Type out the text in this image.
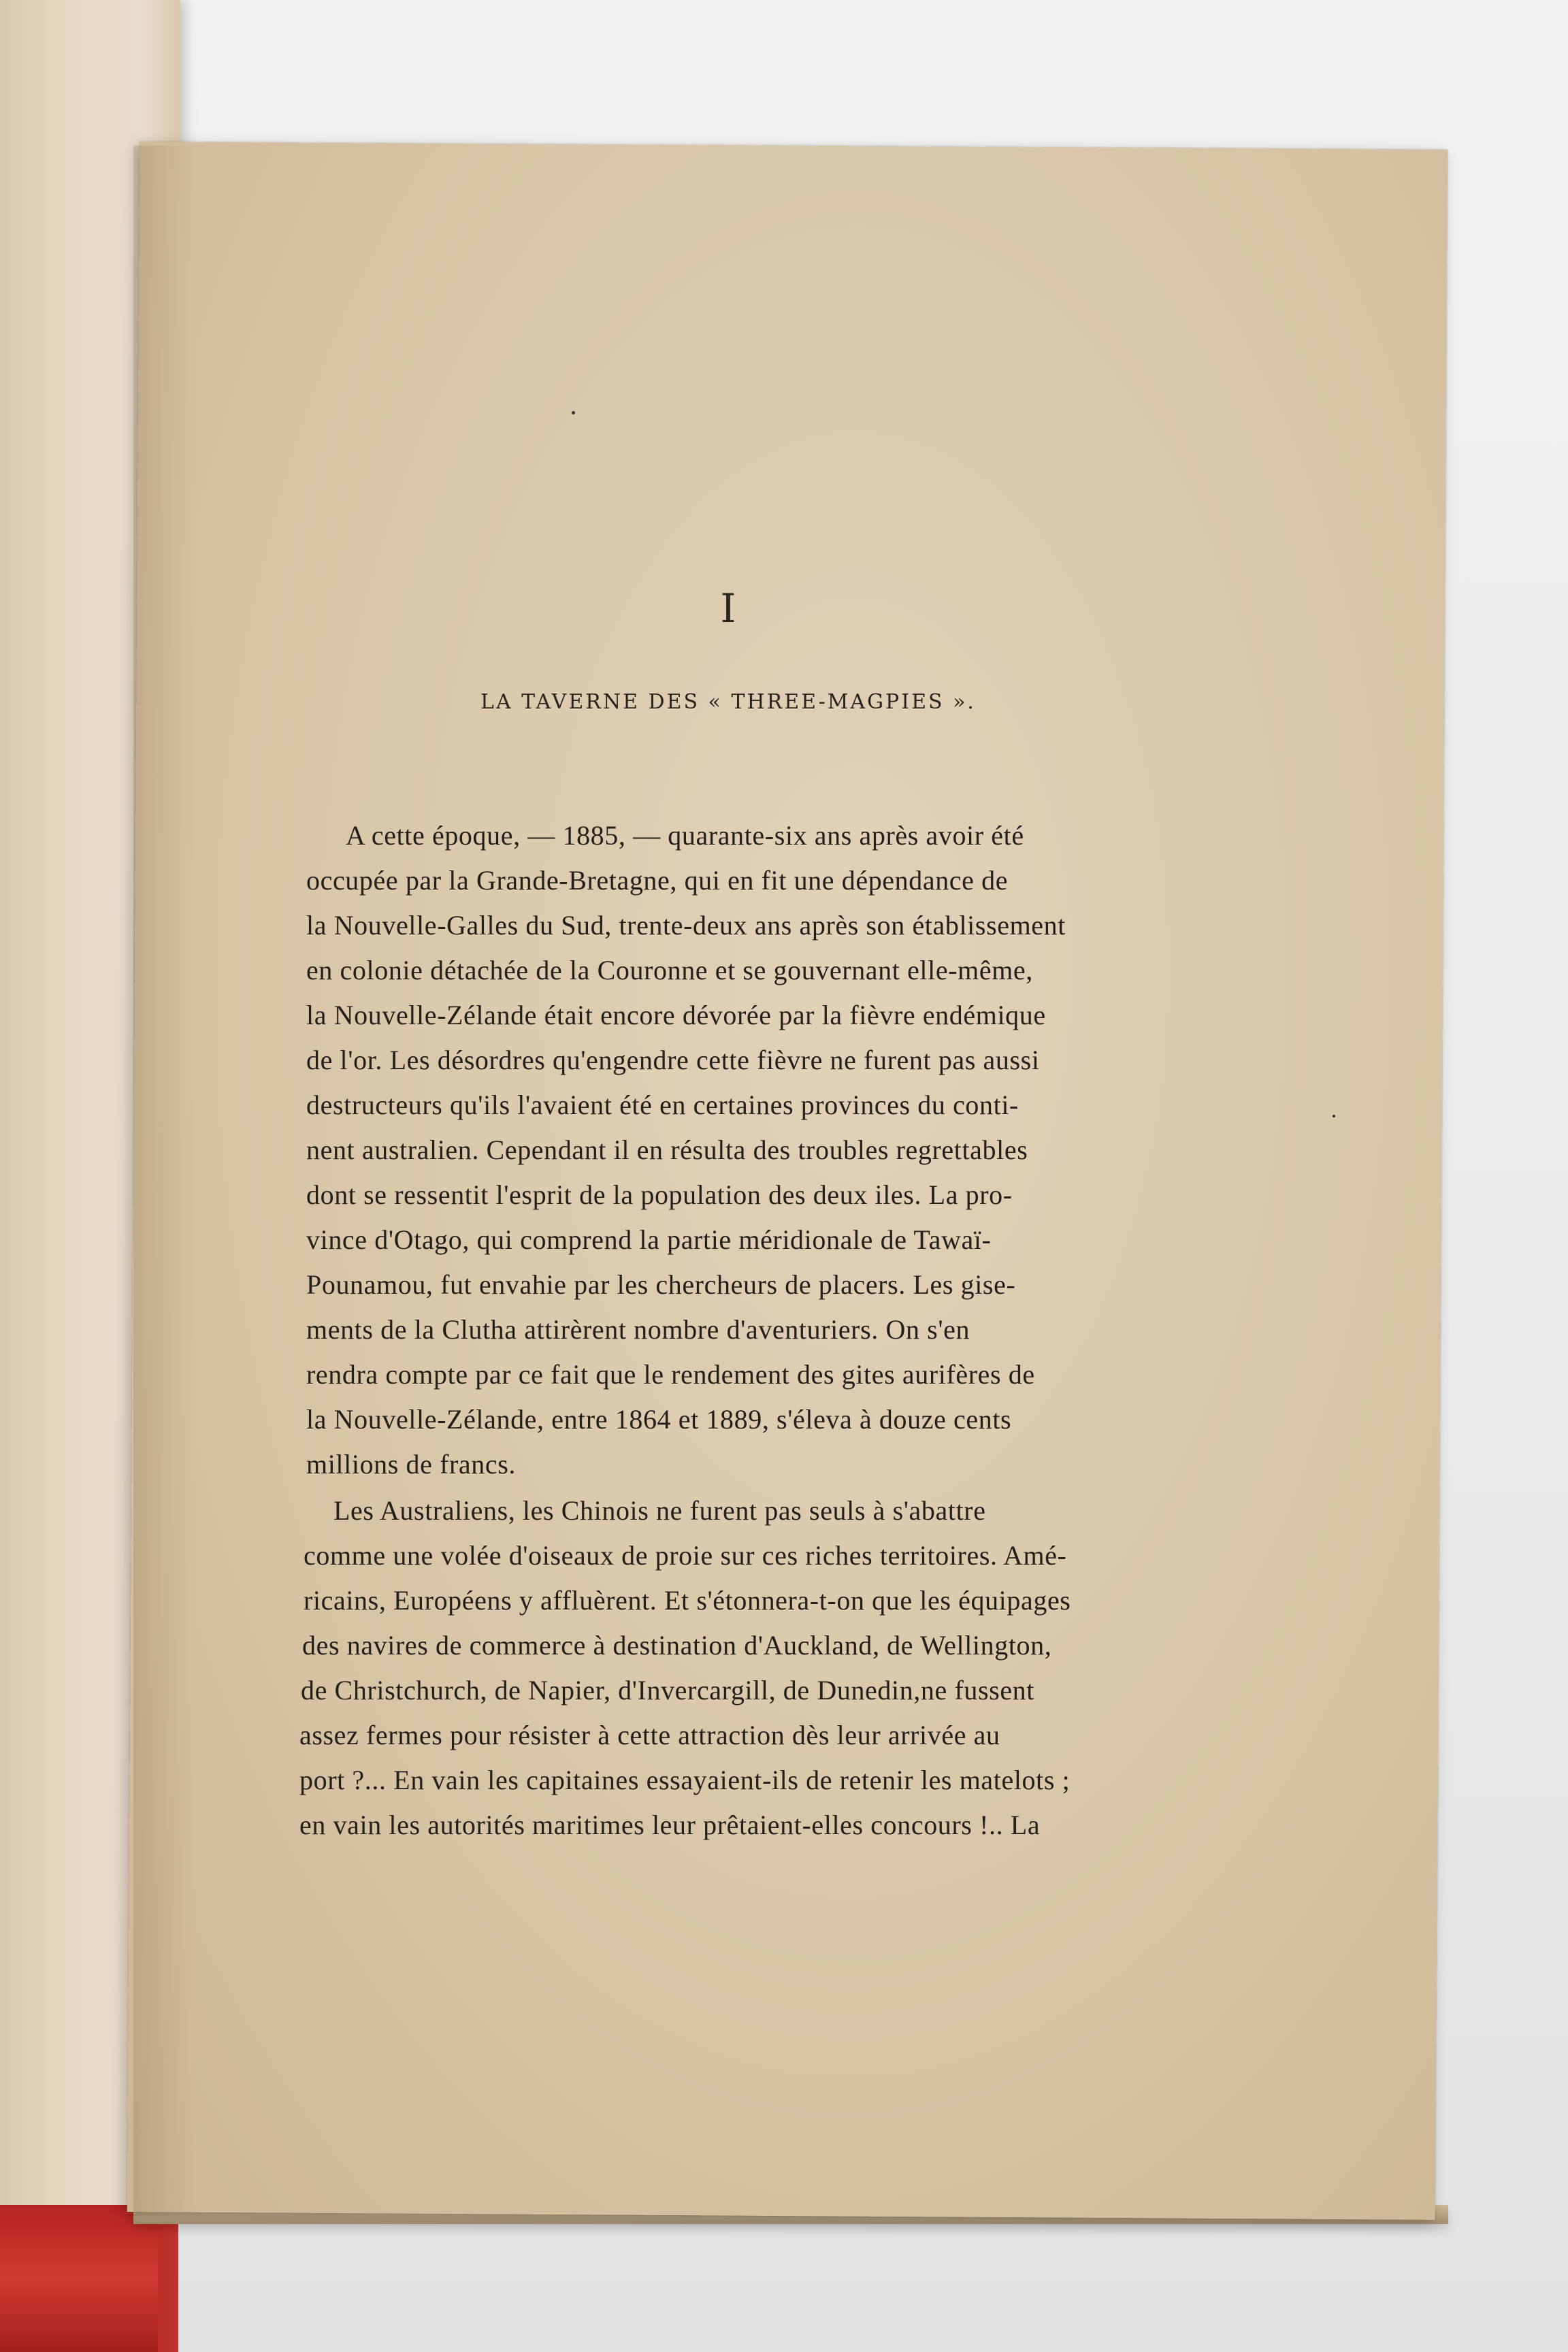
I
LA TAVERNE DES « THREE-MAGPIES ».
A cette époque, — 1885, — quarante-six ans après avoir été
occupée par la Grande-Bretagne, qui en fit une dépendance de
la Nouvelle-Galles du Sud, trente-deux ans après son établissement
en colonie détachée de la Couronne et se gouvernant elle-même,
la Nouvelle-Zélande était encore dévorée par la fièvre endémique
de l'or. Les désordres qu'engendre cette fièvre ne furent pas aussi
destructeurs qu'ils l'avaient été en certaines provinces du conti-
nent australien. Cependant il en résulta des troubles regrettables
dont se ressentit l'esprit de la population des deux iles. La pro-
vince d'Otago, qui comprend la partie méridionale de Tawaï-
Pounamou, fut envahie par les chercheurs de placers. Les gise-
ments de la Clutha attirèrent nombre d'aventuriers. On s'en
rendra compte par ce fait que le rendement des gites aurifères de
la Nouvelle-Zélande, entre 1864 et 1889, s'éleva à douze cents
millions de francs.
Les Australiens, les Chinois ne furent pas seuls à s'abattre
comme une volée d'oiseaux de proie sur ces riches territoires. Amé-
ricains, Européens y affluèrent. Et s'étonnera-t-on que les équipages
des navires de commerce à destination d'Auckland, de Wellington,
de Christchurch, de Napier, d'Invercargill, de Dunedin,ne fussent
assez fermes pour résister à cette attraction dès leur arrivée au
port ?... En vain les capitaines essayaient-ils de retenir les matelots ;
en vain les autorités maritimes leur prêtaient-elles concours !.. La
